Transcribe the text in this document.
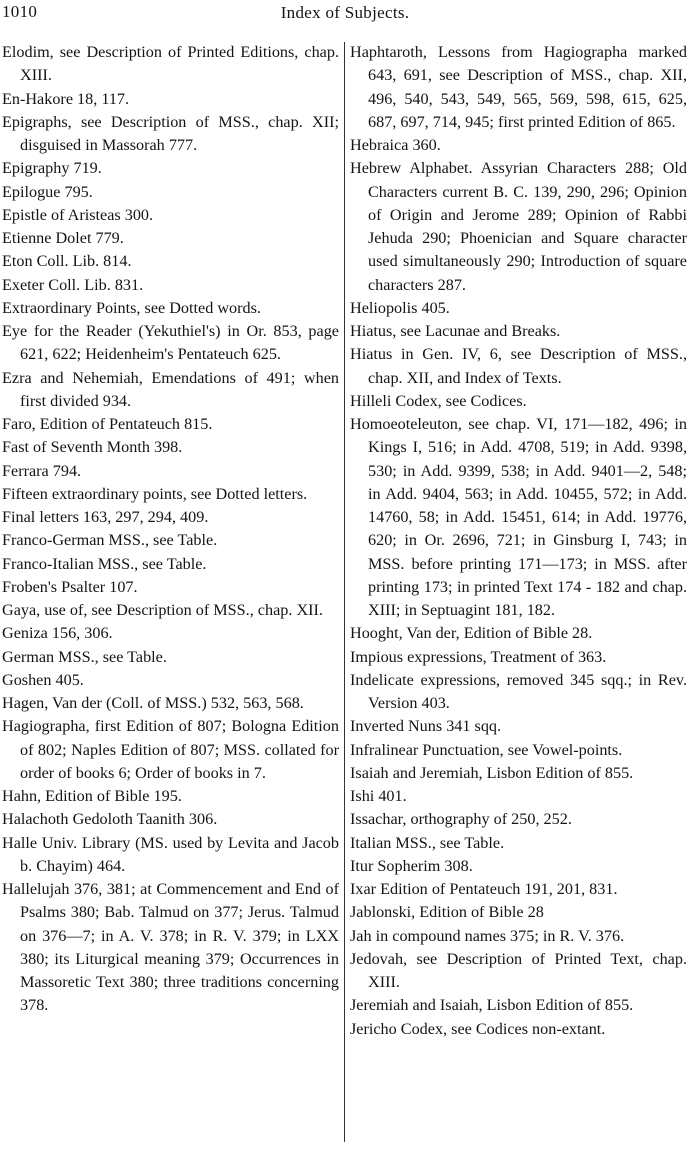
1010	Index of Subjects.

Elodim, see Description of Printed Editions, chap. XIII.

En-Hakore 18, 117.

Epigraphs, see Description of MSS., chap. XII; disguised in Massorah 777.

Epigraphy 719.

Epilogue 795.

Epistle of Aristeas 300.

Etienne Dolet 779.

Eton Coll. Lib. 814.

Exeter Coll. Lib. 831.

Extraordinary Points, see Dotted words.

Eye for the Reader (Yekuthiel's) in Or. 853, page 621, 622; Heidenheim's Pentateuch 625.

Ezra and Nehemiah, Emendations of 491; when first divided 934.

Faro, Edition of Pentateuch 815.

Fast of Seventh Month 398.

Ferrara 794.

Fifteen extraordinary points, see Dotted letters.

Final letters 163, 297, 294, 409.

Franco-German MSS., see Table.

Franco-Italian MSS., see Table.

Froben's Psalter 107.

Gaya, use of, see Description of MSS., chap. XII.

Geniza 156, 306.

German MSS., see Table.

Goshen 405.

Hagen, Van der (Coll. of MSS.) 532, 563, 568.

Hagiographa, first Edition of 807; Bologna Edition of 802; Naples Edition of 807; MSS. collated for order of books 6; Order of books in 7.

Hahn, Edition of Bible 195.

Halachoth Gedoloth Taanith 306.

Halle Univ. Library (MS. used by Levita and Jacob b. Chayim) 464.

Hallelujah 376, 381; at Commencement and End of Psalms 380; Bab. Talmud on 377; Jerus. Talmud on 376—7; in A. V. 378; in R. V. 379; in LXX 380; its Liturgical meaning 379; Occurrences in Massoretic Text 380; three traditions concerning 378.

Haphtaroth, Lessons from Hagiographa marked 643, 691, see Description of MSS., chap. XII, 496, 540, 543, 549, 565, 569, 598, 615, 625, 687, 697, 714, 945; first printed Edition of 865.

Hebraica 360.

Hebrew Alphabet. Assyrian Characters 288; Old Characters current B. C. 139, 290, 296; Opinion of Origin and Jerome 289; Opinion of Rabbi Jehuda 290; Phoenician and Square character used simultaneously 290; Introduction of square characters 287.

Heliopolis 405.

Hiatus, see Lacunae and Breaks.

Hiatus in Gen. IV, 6, see Description of MSS., chap. XII, and Index of Texts.

Hilleli Codex, see Codices.

Homoeoteleuton, see chap. VI, 171—182, 496; in Kings I, 516; in Add. 4708, 519; in Add. 9398, 530; in Add. 9399, 538; in Add. 9401—2, 548; in Add. 9404, 563; in Add. 10455, 572; in Add. 14760, 58; in Add. 15451, 614; in Add. 19776, 620; in Or. 2696, 721; in Ginsburg I, 743; in MSS. before printing 171—173; in MSS. after printing 173; in printed Text 174 - 182 and chap. XIII; in Septuagint 181, 182.

Hooght, Van der, Edition of Bible 28.

Impious expressions, Treatment of 363.

Indelicate expressions, removed 345 sqq.; in Rev. Version 403.

Inverted Nuns 341 sqq.

Infralinear Punctuation, see Vowel-points.

Isaiah and Jeremiah, Lisbon Edition of 855.

Ishi 401.

Issachar, orthography of 250, 252.

Italian MSS., see Table.

Itur Sopherim 308.

Ixar Edition of Pentateuch 191, 201, 831.

Jablonski, Edition of Bible 28

Jah in compound names 375; in R. V. 376.

Jedovah, see Description of Printed Text, chap. XIII.

Jeremiah and Isaiah, Lisbon Edition of 855.

Jericho Codex, see Codices non-extant.
